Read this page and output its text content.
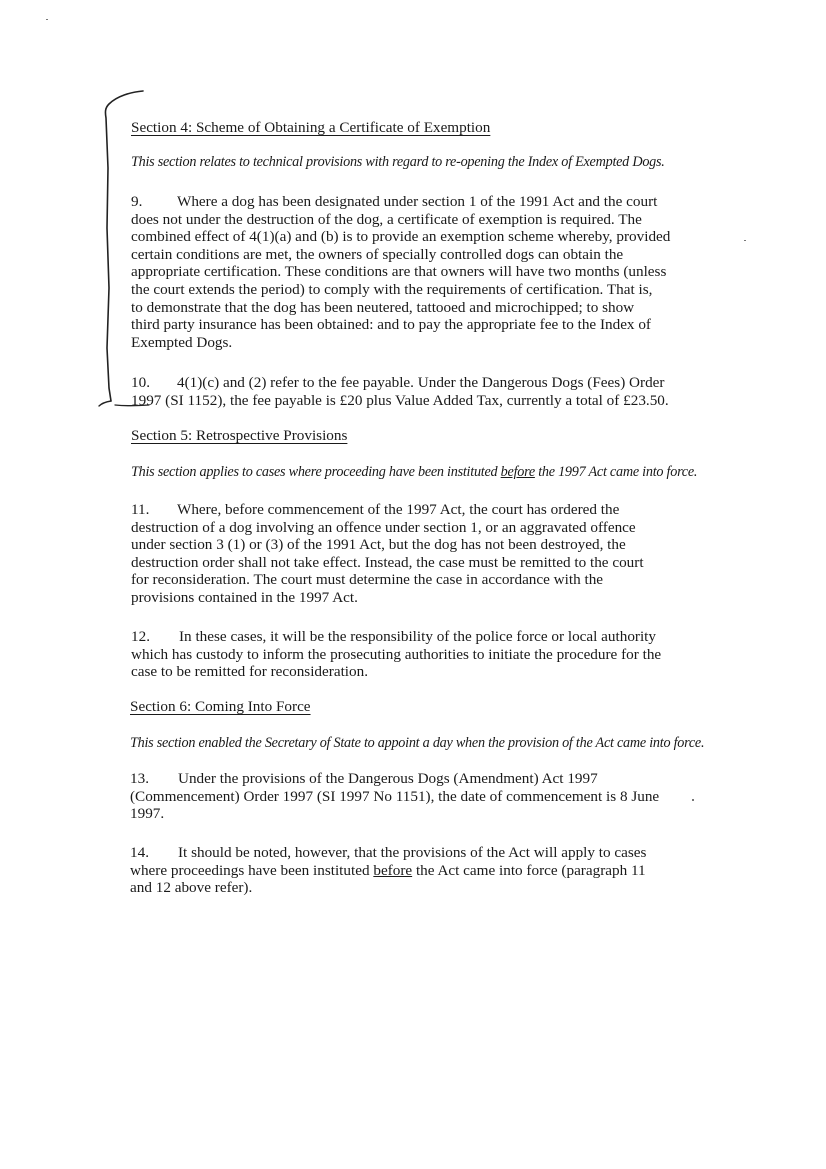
Section 4: Scheme of Obtaining a Certificate of Exemption
This section relates to technical provisions with regard to re-opening the Index of Exempted Dogs.
9. Where a dog has been designated under section 1 of the 1991 Act and the court
does not under the destruction of the dog, a certificate of exemption is required. The
combined effect of 4(1)(a) and (b) is to provide an exemption scheme whereby, provided
certain conditions are met, the owners of specially controlled dogs can obtain the
appropriate certification. These conditions are that owners will have two months (unless
the court extends the period) to comply with the requirements of certification. That is,
to demonstrate that the dog has been neutered, tattooed and microchipped; to show
third party insurance has been obtained: and to pay the appropriate fee to the Index of
Exempted Dogs.
10. 4(1)(c) and (2) refer to the fee payable. Under the Dangerous Dogs (Fees) Order
1997 (SI 1152), the fee payable is £20 plus Value Added Tax, currently a total of £23.50.
Section 5: Retrospective Provisions
This section applies to cases where proceeding have been instituted before the 1997 Act came into force.
11. Where, before commencement of the 1997 Act, the court has ordered the
destruction of a dog involving an offence under section 1, or an aggravated offence
under section 3 (1) or (3) of the 1991 Act, but the dog has not been destroyed, the
destruction order shall not take effect. Instead, the case must be remitted to the court
for reconsideration. The court must determine the case in accordance with the
provisions contained in the 1997 Act.
12. In these cases, it will be the responsibility of the police force or local authority
which has custody to inform the prosecuting authorities to initiate the procedure for the
case to be remitted for reconsideration.
Section 6: Coming Into Force
This section enabled the Secretary of State to appoint a day when the provision of the Act came into force.
13. Under the provisions of the Dangerous Dogs (Amendment) Act 1997
(Commencement) Order 1997 (SI 1997 No 1151), the date of commencement is 8 June
1997.
14. It should be noted, however, that the provisions of the Act will apply to cases
where proceedings have been instituted before the Act came into force (paragraph 11
and 12 above refer).
